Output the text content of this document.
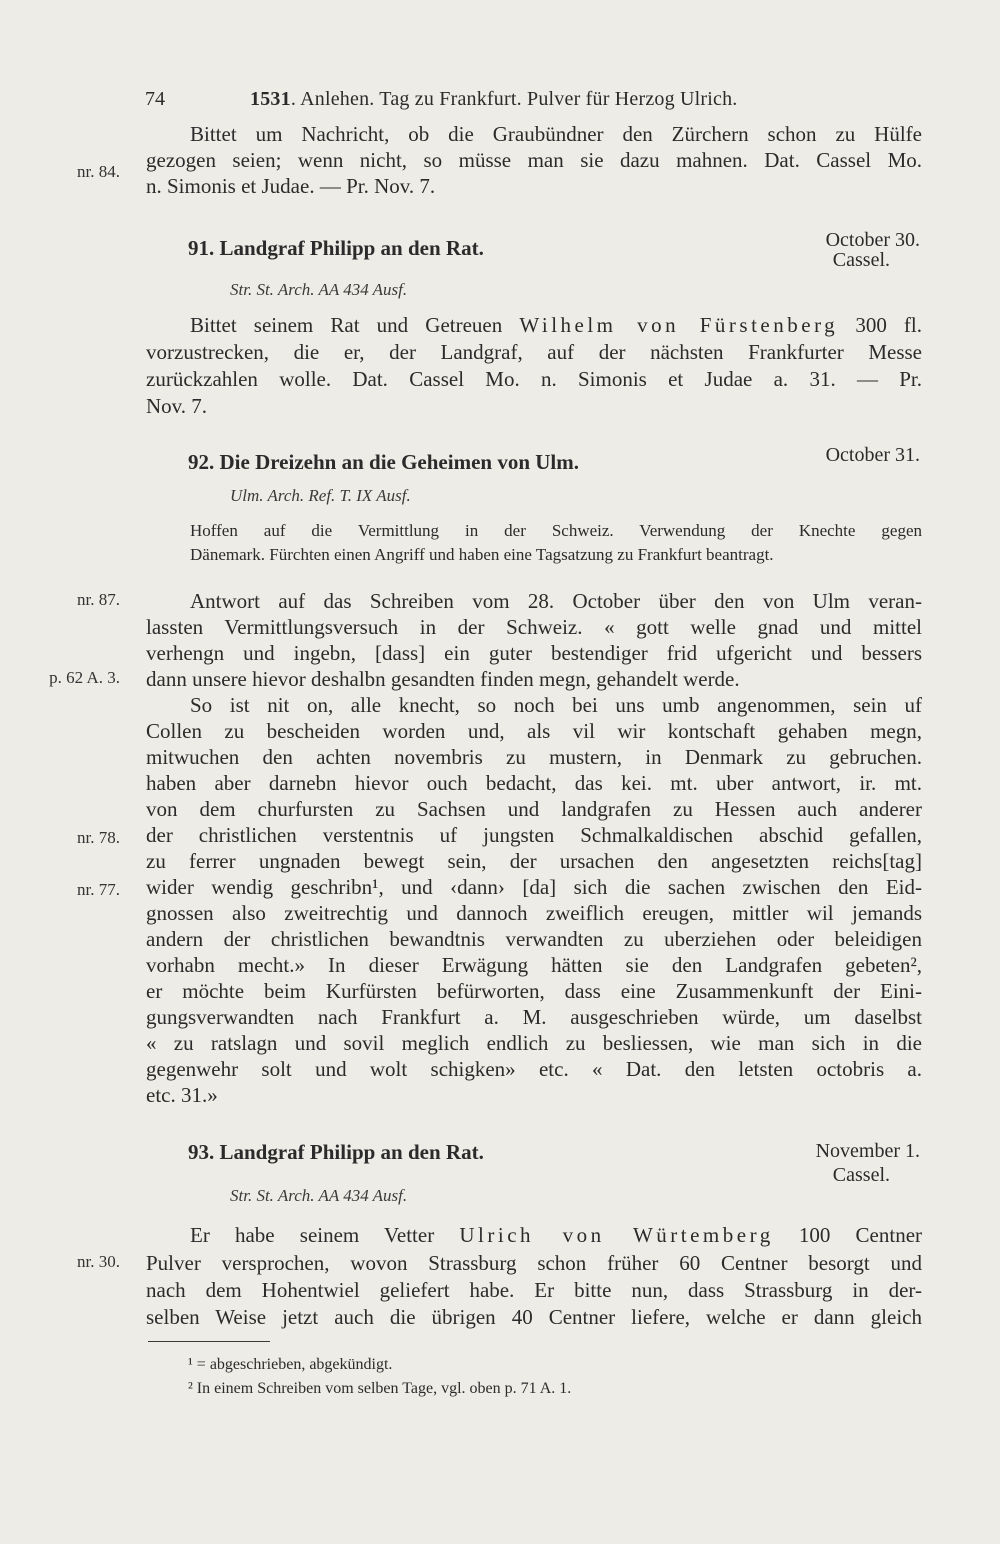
74	1531. Anlehen. Tag zu Frankfurt. Pulver für Herzog Ulrich.
nr. 84.
nr. 87.
p. 62 A. 3.
nr. 78.
nr. 77.
nr. 30.
Bittet um Nachricht, ob die Graubündner den Zürchern schon zu Hülfe
gezogen seien; wenn nicht, so müsse man sie dazu mahnen. Dat. Cassel Mo.
n. Simonis et Judae. — Pr. Nov. 7.
91. Landgraf Philipp an den Rat.	October 30.
Cassel.
Str. St. Arch. AA 434 Ausf.
Bittet seinem Rat und Getreuen Wilhelm von Fürstenberg 300 fl.
vorzustrecken, die er, der Landgraf, auf der nächsten Frankfurter Messe
zurückzahlen wolle. Dat. Cassel Mo. n. Simonis et Judae a. 31. — Pr.
Nov. 7.
92. Die Dreizehn an die Geheimen von Ulm.	October 31.
Ulm. Arch. Ref. T. IX Ausf.
Hoffen auf die Vermittlung in der Schweiz. Verwendung der Knechte gegen
Dänemark. Fürchten einen Angriff und haben eine Tagsatzung zu Frankfurt beantragt.
Antwort auf das Schreiben vom 28. October über den von Ulm veran-
lassten Vermittlungsversuch in der Schweiz. « gott welle gnad und mittel
verhengn und ingebn, [dass] ein guter bestendiger frid ufgericht und bessers
dann unsere hievor deshalbn gesandten finden megn, gehandelt werde.
So ist nit on, alle knecht, so noch bei uns umb angenommen, sein uf
Collen zu bescheiden worden und, als vil wir kontschaft gehaben megn,
mitwuchen den achten novembris zu mustern, in Denmark zu gebruchen.
haben aber darnebn hievor ouch bedacht, das kei. mt. uber antwort, ir. mt.
von dem churfursten zu Sachsen und landgrafen zu Hessen auch anderer
der christlichen verstentnis uf jungsten Schmalkaldischen abschid gefallen,
zu ferrer ungnaden bewegt sein, der ursachen den angesetzten reichs[tag]
wider wendig geschribn¹, und ‹dann› [da] sich die sachen zwischen den Eid-
gnossen also zweitrechtig und dannoch zweiflich ereugen, mittler wil jemands
andern der christlichen bewandtnis verwandten zu uberziehen oder beleidigen
vorhabn mecht.» In dieser Erwägung hätten sie den Landgrafen gebeten²,
er möchte beim Kurfürsten befürworten, dass eine Zusammenkunft der Eini-
gungsverwandten nach Frankfurt a. M. ausgeschrieben würde, um daselbst
« zu ratslagn und sovil meglich endlich zu besliessen, wie man sich in die
gegenwehr solt und wolt schigken» etc. « Dat. den letsten octobris a.
etc. 31.»
93. Landgraf Philipp an den Rat.	November 1.
Cassel.
Str. St. Arch. AA 434 Ausf.
Er habe seinem Vetter Ulrich von Würtemberg 100 Centner
Pulver versprochen, wovon Strassburg schon früher 60 Centner besorgt und
nach dem Hohentwiel geliefert habe. Er bitte nun, dass Strassburg in der-
selben Weise jetzt auch die übrigen 40 Centner liefere, welche er dann gleich
¹ = abgeschrieben, abgekündigt.
² In einem Schreiben vom selben Tage, vgl. oben p. 71 A. 1.
